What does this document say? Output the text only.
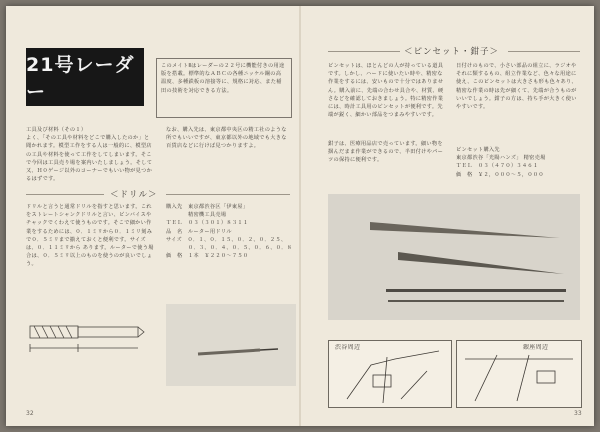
21号レーダー
このメイトⅡはレーダーの２２号に機能付きの用途版を搭載。標準的なＡＢＣの各種ニッケル鋼の高温度、多種鉄板の溶接等に、規格に対応、また稲田の技術を対応できる方法。
工具及び材料（その１）
よく、「その工具や材料をどこで購入したのか」と聞かれます。模型工作をする人は一般的に、模型店の工具や材料を使って工作をしてしまいます。そこで今回は工具売り場を案内いたしましょう。そして又、Ｈ０ゲージ以外のコーナーでもいい物が見つかるはずです。
なお、購入先は、東京都中央区の精工社のような所でもいいですが、東京都以外の地域でも大きな百貨店などに行けば見つかりますよ。
＜ドリル＞
ドリルと言うと通常ドリルを指すと思います。これをストレートシャンクドリルと言い、ピンバイスやチャックでくわえて使うものです。そこで細かい作業をするためには、０．１ミリから０．１ミリ刻みで０．５ミリまで揃えておくと便利です。サイズは、０．１１ミリから あります。ルーターで使う場合は、０．５ミリ以上のものを使うのが良いでしょう。
購入先　東京都渋谷区「伊東屋」
　　　　精密機工具売場
ＴＥＬ　０３（３０１）８３１１
品　名　ルーター用ドリル
サイズ　０．１、０．１５、０．２、０．２５、
　　　　０．３、０．４、０．５、０．６、０．８
価　格　１本　￥２２０〜７５０
32
＜ピンセット・鉗子＞
ピンセットは、ほとんどの人が持っている道具です。しかし、ハードに使いたい時や、精密な作業をするには、安いもので十分ではありません。購入前に、先端の合わせ具合や、材質、硬さなどを確認しておきましょう。特に精密作業には、時計工具用のピンセットが便利です。先端が鋭く、細かい部品をつまみやすいです。
鉗子は、医療用品店で売っています。細い物を掴んだまま作業ができるので、半田付けやパーツの保持に便利です。
日付けのもので、小さい部品の組立に、ラジオやそれに類するもの、組立作業など、色々な用途に使え、このピンセットは大きさも形も色々あり、精密な作業の時は先が細くて、先端が合うものがいいでしょう。鉗子の方は、持ち手が大きく使いやすいです。
ピンセット購入先
東京都渋谷「光陽ハンズ」 精密売場
ＴＥＬ　０３（４７０）３４６１
価　格　￥２，０００〜５，０００
渋谷周辺	銀座周辺
33
